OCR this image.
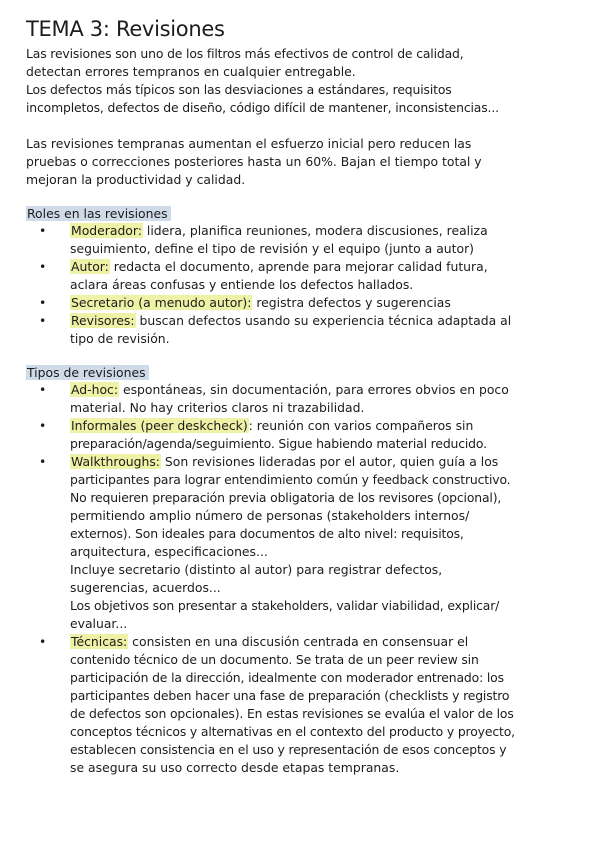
TEMA 3: Revisiones

Las revisiones son uno de los filtros más efectivos de control de calidad,

detectan errores tempranos en cualquier entregable.

Los defectos más típicos son las desviaciones a estándares, requisitos

incompletos, defectos de diseño, código difícil de mantener, inconsistencias...

Las revisiones tempranas aumentan el esfuerzo inicial pero reducen las

pruebas o correcciones posteriores hasta un 60%. Bajan el tiempo total y

mejoran la productividad y calidad.

Roles en las revisiones
• Moderador: lidera, planifica reuniones, modera discusiones, realiza
seguimiento, define el tipo de revisión y el equipo (junto a autor)
• Autor: redacta el documento, aprende para mejorar calidad futura,
aclara áreas confusas y entiende los defectos hallados.
• Secretario (a menudo autor): registra defectos y sugerencias
• Revisores: buscan defectos usando su experiencia técnica adaptada al
tipo de revisión.
Tipos de revisiones
• Ad-hoc: espontáneas, sin documentación, para errores obvios en poco
material. No hay criterios claros ni trazabilidad.
• Informales (peer deskcheck): reunión con varios compañeros sin
preparación/agenda/seguimiento. Sigue habiendo material reducido.
• Walkthroughs: Son revisiones lideradas por el autor, quien guía a los
participantes para lograr entendimiento común y feedback constructivo.
No requieren preparación previa obligatoria de los revisores (opcional),
permitiendo amplio número de personas (stakeholders internos/
externos). Son ideales para documentos de alto nivel: requisitos,
arquitectura, especificaciones...
Incluye secretario (distinto al autor) para registrar defectos,
sugerencias, acuerdos...
Los objetivos son presentar a stakeholders, validar viabilidad, explicar/
evaluar...
• Técnicas: consisten en una discusión centrada en consensuar el
contenido técnico de un documento. Se trata de un peer review sin
participación de la dirección, idealmente con moderador entrenado: los
participantes deben hacer una fase de preparación (checklists y registro
de defectos son opcionales). En estas revisiones se evalúa el valor de los
conceptos técnicos y alternativas en el contexto del producto y proyecto,
establecen consistencia en el uso y representación de esos conceptos y
se asegura su uso correcto desde etapas tempranas.
